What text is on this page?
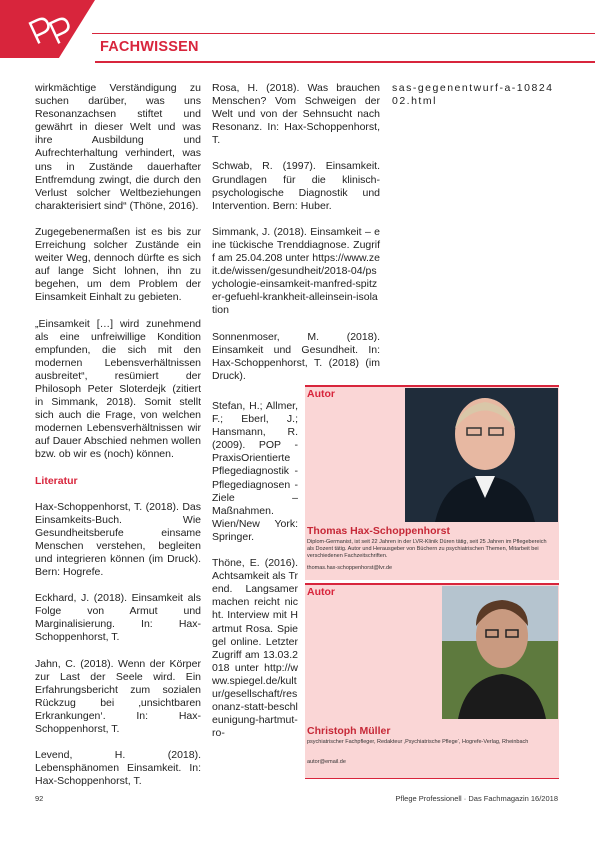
FACHWISSEN

wirkmächtige Verständigung zu suchen darüber, was uns Resonanzachsen stiftet und gewährt in dieser Welt und was ihre Ausbildung und Aufrechterhaltung verhindert, was uns in Zustände dauerhafter Entfremdung zwingt, die durch den Verlust solcher Weltbeziehungen charakterisiert sind“ (Thöne, 2016).

Zugegebenermaßen ist es bis zur Erreichung solcher Zustände ein weiter Weg, dennoch dürfte es sich auf lange Sicht lohnen, ihn zu begehen, um dem Problem der Einsamkeit Einhalt zu gebieten.

„Einsamkeit […] wird zunehmend als eine unfreiwillige Kondition empfunden, die sich mit den modernen Lebensverhältnissen ausbreitet“, resümiert der Philosoph Peter Sloterdejk (zitiert in Simmank, 2018). Somit stellt sich auch die Frage, von welchen modernen Lebensverhältnissen wir auf Dauer Abschied nehmen wollen bzw. ob wir es (noch) können.

Literatur

Hax-Schoppenhorst, T. (2018). Das Einsamkeits-Buch. Wie Gesundheitsberufe einsame Menschen verstehen, begleiten und integrieren können (im Druck). Bern: Hogrefe.

Eckhard, J. (2018). Einsamkeit als Folge von Armut und Marginalisierung. In: Hax-Schoppenhorst, T.

Jahn, C. (2018). Wenn der Körper zur Last der Seele wird. Ein Erfahrungsbericht zum sozialen Rückzug bei ‚unsichtbaren Erkrankungen‘. In: Hax-Schoppenhorst, T.

Levend, H. (2018). Lebensphänomen Einsamkeit. In: Hax-Schoppenhorst, T.

Rosa, H. (2018). Was brauchen Menschen? Vom Schweigen der Welt und von der Sehnsucht nach Resonanz. In: Hax-Schoppenhorst, T.

Schwab, R. (1997). Einsamkeit. Grundlagen für die klinisch-psychologische Diagnostik und Intervention. Bern: Huber.

Simmank, J. (2018). Einsamkeit – eine tückische Trenddiagnose. Zugriff am 25.04.208 unter https://www.zeit.de/wissen/gesundheit/2018-04/psychologie-einsamkeit-manfred-spitzer-gefuehl-krankheit-alleinsein-isolation

Sonnenmoser, M. (2018). Einsamkeit und Gesundheit. In: Hax-Schoppenhorst, T. (2018) (im Druck).

Stefan, H.; Allmer, F.; Eberl, J.; Hansmann, R. (2009). POP - PraxisOrientierte Pflegediagnostik - Pflegediagnosen - Ziele – Maßnahmen. Wien/New York: Springer.

Thöne, E. (2016). Achtsamkeit als Trend. Langsamer machen reicht nicht. Interview mit Hartmut Rosa. Spiegel online. Letzter Zugriff am 13.03.2018 unter http://www.spiegel.de/kultur/gesellschaft/resonanz-statt-beschleunigung-hartmut-ro-

sas-gegenentwurf-a-1082402.html

Autor
Thomas Hax-Schoppenhorst
Diplom-Germanist, ist seit 22 Jahren in der LVR-Klinik Düren tätig, seit 25 Jahren im Pflegebereich als Dozent tätig. Autor und Herausgeber von Büchern zu psychiatrischen Themen, Mitarbeit bei verschiedenen Fachzeitschriften.
thomas.hax-schoppenhorst@lvr.de
Autor
Christoph Müller
psychiatrischer Fachpfleger, Redakteur ‚Psychiatrische Pflege‘, Hogrefe-Verlag, Rheinbach
autor@email.de
92	Pflege Professionell · Das Fachmagazin 16/2018
